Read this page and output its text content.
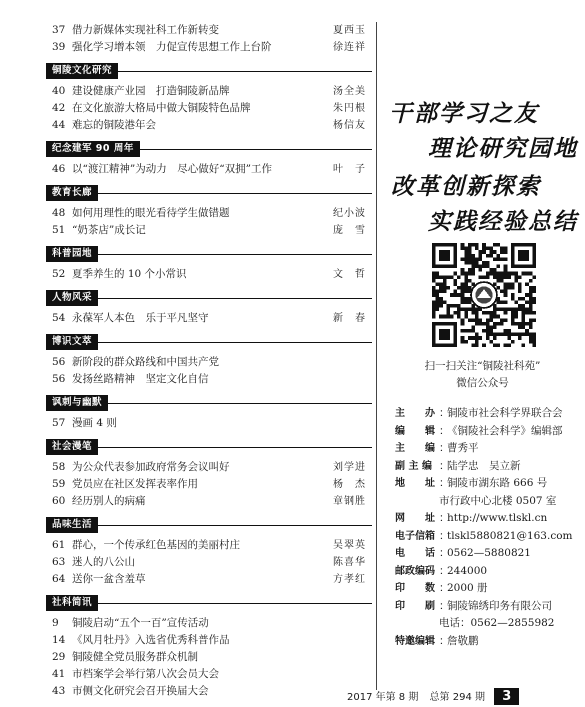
37 借力新媒体实现社科工作新转变	夏西玉
39 强化学习增本领　力促宣传思想工作上台阶	徐连祥
铜陵文化研究
40 建设健康产业园　打造铜陵新品牌	汤全美
42 在文化旅游大格局中做大铜陵特色品牌	朱円根
44 难忘的铜陵港年会	杨信友
纪念建军 90 周年
46 以“渡江精神”为动力　尽心做好“双拥”工作	叶　子
教育长廊
48 如何用理性的眼光看待学生做错题	纪小波
51 “奶茶店”成长记	庞　雪
科普园地
52 夏季养生的 10 个小常识	文　哲
人物风采
54 永葆军人本色　乐于平凡坚守	新　春
博识文萃
56 新阶段的群众路线和中国共产党
56 发扬丝路精神　坚定文化自信
讽刺与幽默
57 漫画 4 则
社会漫笔
58 为公众代表参加政府常务会议叫好	刘学进
59 党员应在社区发挥表率作用	杨　杰
60 经历别人的病痛	章钢胜
品味生活
61 群心，一个传承红色基因的美丽村庄	吴翠英
63 迷人的八公山	陈喜华
64 送你一盆含羞草	方孝红
社科简讯
9	铜陵启动“五个一百”宣传活动
14 《风月牡丹》入选省优秀科普作品
29 铜陵健全党员服务群众机制
41 市档案学会举行第八次会员大会
43 市侧文化研究会召开换届大会
干部学习之友
理论研究园地
改革创新探索
实践经验总结
扫一扫关注“铜陵社科苑”
微信公众号
主　　办 ：
铜陵市社会科学界联合会
编　　辑 ：
《铜陵社会科学》编辑部
主　　编 ：
曹秀平
副 主 编 ：
陆学忠　吴立新
地　　址 ：
铜陵市湖东路 666 号
市行政中心北楼 0507 室
网　　址 ：
http://www.tlskl.cn
电子信箱 ：
tlskl5880821@163.com
电　　话 ：
0562—5880821
邮政编码 ：
244000
印　　数 ：
2000 册
印　　刷 ：
铜陵锦绣印务有限公司
电话：0562—2855982
特邀编辑 ：
詹敬鹏
2017 年第 8 期 总第 294 期 3
